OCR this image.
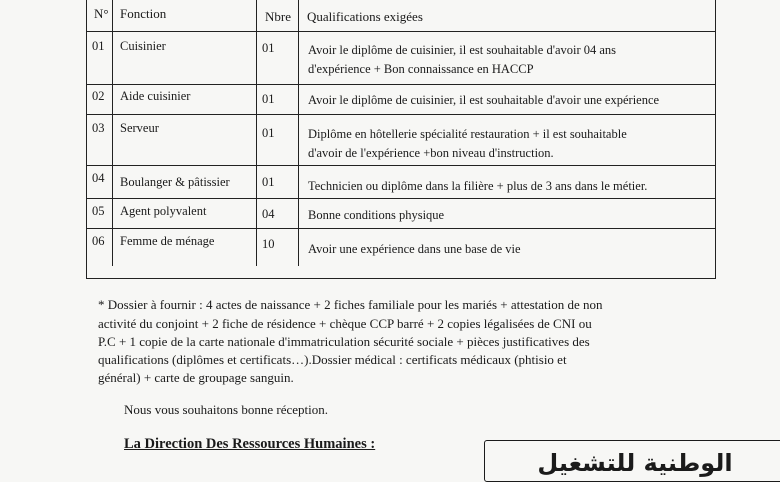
N° Fonction	Nbre Qualifications exigées
01 Cuisinier	01	Avoir le diplôme de cuisinier, il est souhaitable d'avoir 04 ans
d'expérience + Bon connaissance en HACCP
02 Aide cuisinier	01	Avoir le diplôme de cuisinier, il est souhaitable d'avoir une expérience
03 Serveur	01	Diplôme en hôtellerie spécialité restauration + il est souhaitable
d'avoir de l'expérience +bon niveau d'instruction.
04 Boulanger & pâtissier	01	Technicien ou diplôme dans la filière + plus de 3 ans dans le métier.
05 Agent polyvalent	04	Bonne conditions physique
06 Femme de ménage	10	Avoir une expérience dans une base de vie
* Dossier à fournir : 4 actes de naissance + 2 fiches familiale pour les mariés + attestation de non
activité du conjoint + 2 fiche de résidence + chèque CCP barré + 2 copies légalisées de CNI ou
P.C + 1 copie de la carte nationale d'immatriculation sécurité sociale + pièces justificatives des
qualifications (diplômes et certificats…).Dossier médical : certificats médicaux (phtisio et
général) + carte de groupage sanguin.
Nous vous souhaitons bonne réception.
La Direction Des Ressources Humaines :
الوطنية للتشغيل
